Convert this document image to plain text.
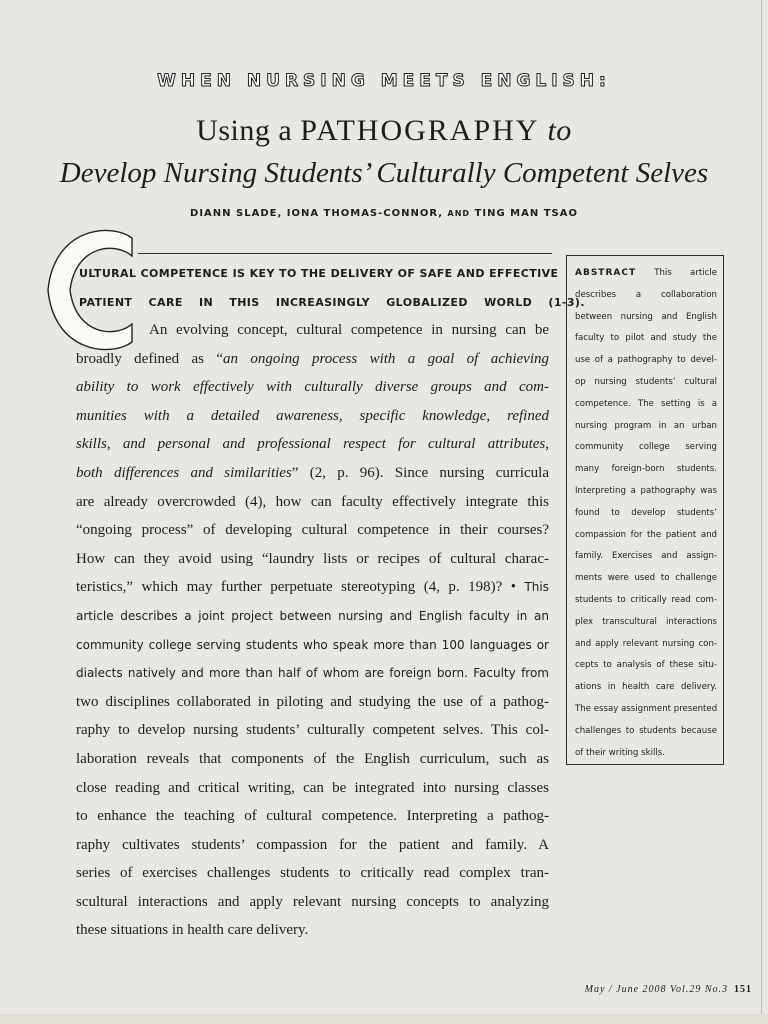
WHEN NURSING MEETS ENGLISH:
Using a PATHOGRAPHY to
Develop Nursing Students’ Culturally Competent Selves
DIANN SLADE, IONA THOMAS-CONNOR, AND TING MAN TSAO
ULTURAL COMPETENCE IS KEY TO THE DELIVERY OF SAFE AND EFFECTIVE
PATIENT CARE IN THIS INCREASINGLY GLOBALIZED WORLD (1-3).
An evolving concept, cultural competence in nursing can be
broadly defined as “an ongoing process with a goal of achieving
ability to work effectively with culturally diverse groups and com-
munities with a detailed awareness, specific knowledge, refined
skills, and personal and professional respect for cultural attributes,
both differences and similarities” (2, p. 96). Since nursing curricula
are already overcrowded (4), how can faculty effectively integrate this
“ongoing process” of developing cultural competence in their courses?
How can they avoid using “laundry lists or recipes of cultural charac-
teristics,” which may further perpetuate stereotyping (4, p. 198)? • This
article describes a joint project between nursing and English faculty in an
community college serving students who speak more than 100 languages or
dialects natively and more than half of whom are foreign born. Faculty from
two disciplines collaborated in piloting and studying the use of a pathog-
raphy to develop nursing students’ culturally competent selves. This col-
laboration reveals that components of the English curriculum, such as
close reading and critical writing, can be integrated into nursing classes
to enhance the teaching of cultural competence. Interpreting a pathog-
raphy cultivates students’ compassion for the patient and family. A
series of exercises challenges students to critically read complex tran-
scultural interactions and apply relevant nursing concepts to analyzing
these situations in health care delivery.
ABSTRACT This article
describes a collaboration
between nursing and English
faculty to pilot and study the
use of a pathography to devel-
op nursing students’ cultural
competence. The setting is a
nursing program in an urban
community college serving
many foreign-born students.
Interpreting a pathography was
found to develop students’
compassion for the patient and
family. Exercises and assign-
ments were used to challenge
students to critically read com-
plex transcultural interactions
and apply relevant nursing con-
cepts to analysis of these situ-
ations in health care delivery.
The essay assignment presented
challenges to students because
of their writing skills.
May / June 2008 Vol.29 No.3 151
